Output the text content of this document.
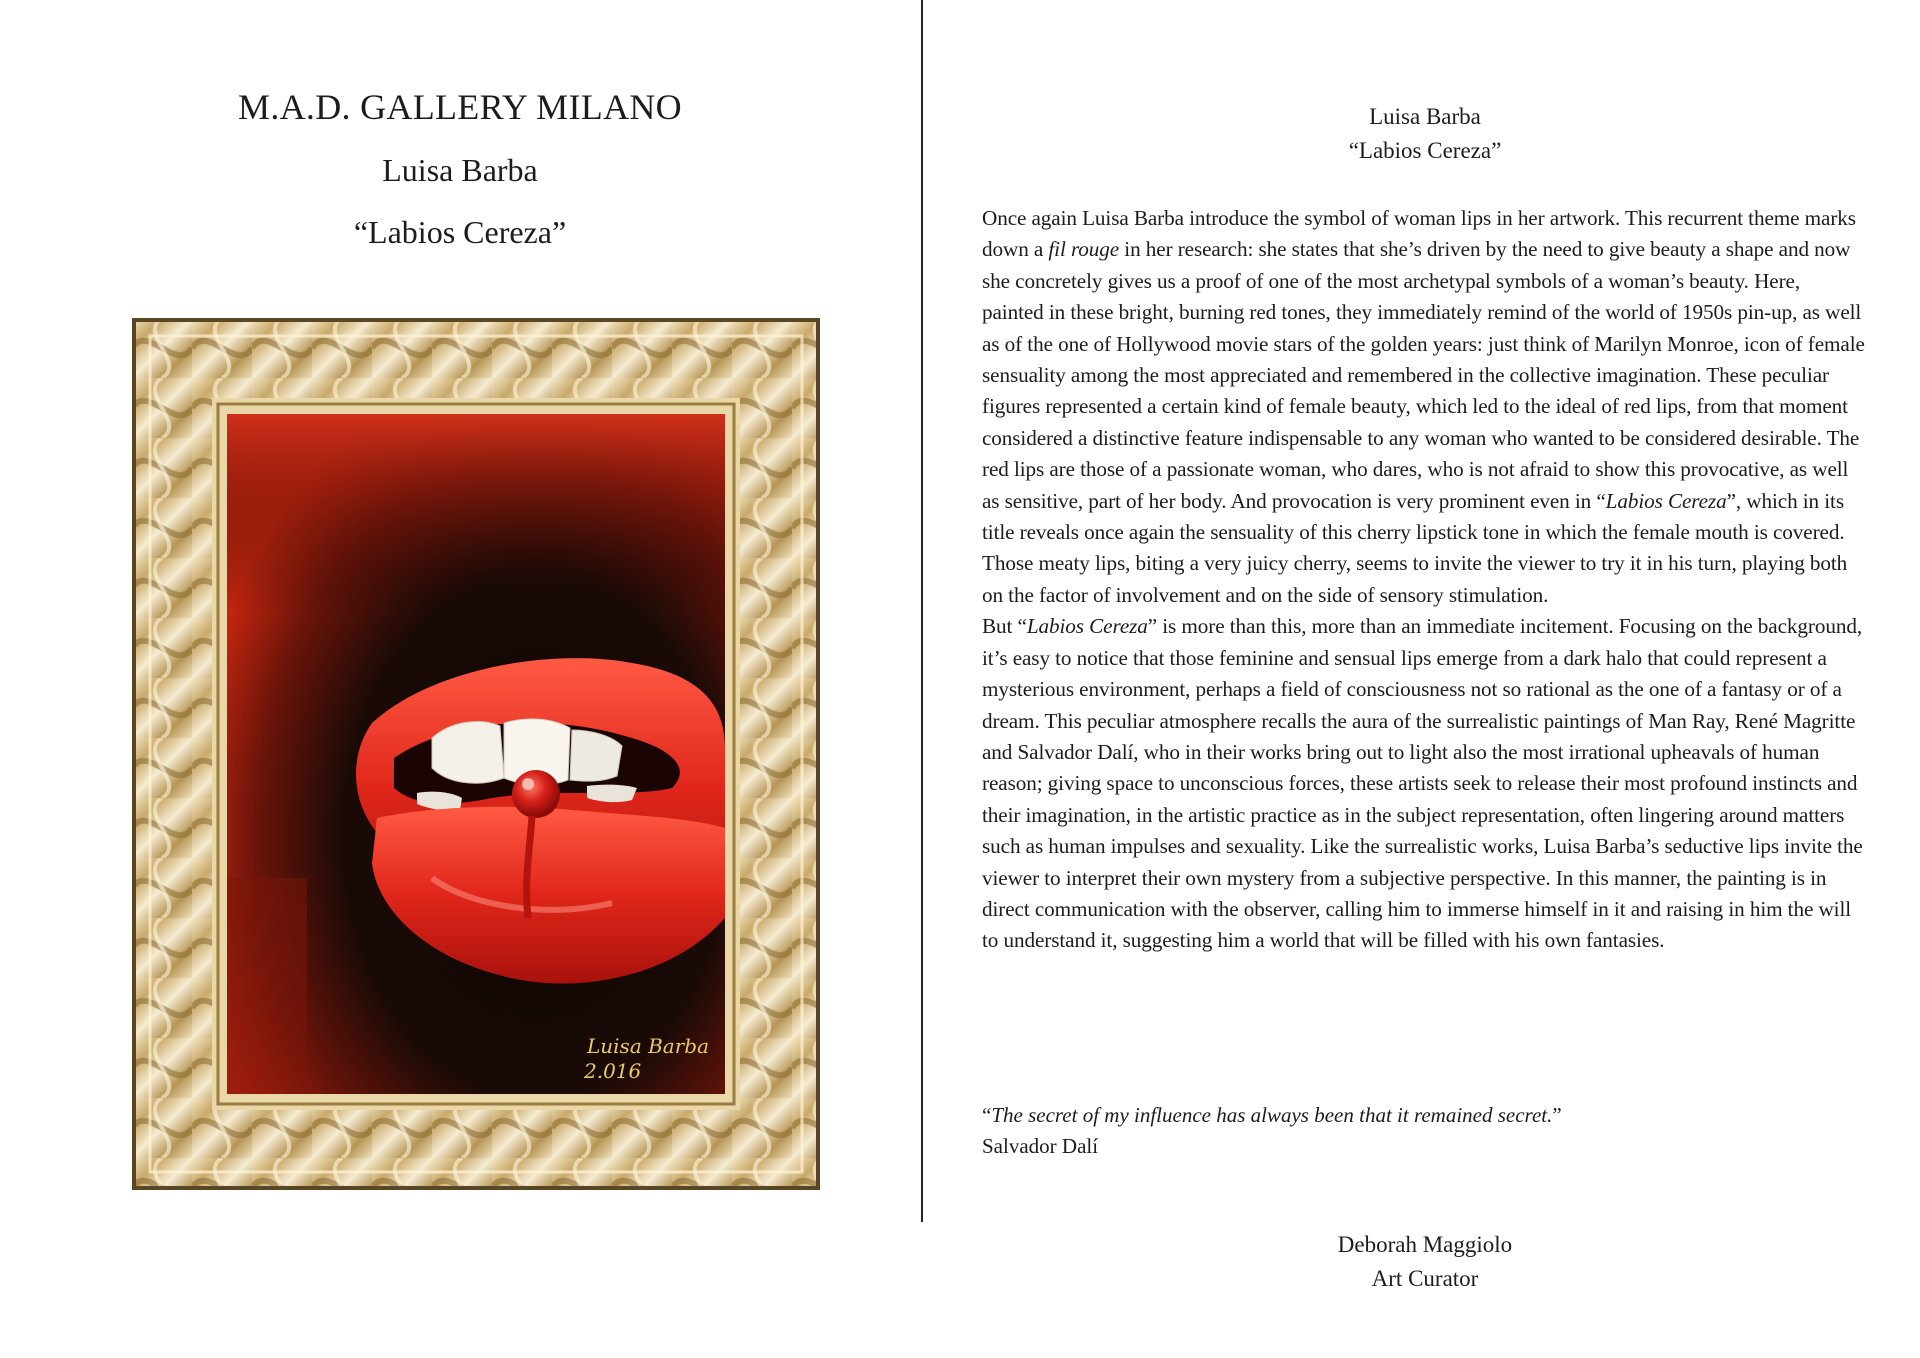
M.A.D. GALLERY MILANO
Luisa Barba
“Labios Cereza”
Luisa Barba
2.016
Luisa Barba
“Labios Cereza”

Once again Luisa Barba introduce the symbol of woman lips in her artwork. This recurrent theme marks down a fil rouge in her research: she states that she’s driven by the need to give beauty a shape and now she concretely gives us a proof of one of the most archetypal symbols of a woman’s beauty. Here, painted in these bright, burning red tones, they immediately remind of the world of 1950s pin-up, as well as of the one of Hollywood movie stars of the golden years: just think of Marilyn Monroe, icon of female sensuality among the most appreciated and remembered in the collective imagination. These peculiar figures represented a certain kind of female beauty, which led to the ideal of red lips, from that moment considered a distinctive feature indispensable to any woman who wanted to be considered desirable. The red lips are those of a passionate woman, who dares, who is not afraid to show this provocative, as well as sensitive, part of her body. And provocation is very prominent even in “Labios Cereza”, which in its title reveals once again the sensuality of this cherry lipstick tone in which the female mouth is covered. Those meaty lips, biting a very juicy cherry, seems to invite the viewer to try it in his turn, playing both on the factor of involvement and on the side of sensory stimulation.

But “Labios Cereza” is more than this, more than an immediate incitement. Focusing on the background, it’s easy to notice that those feminine and sensual lips emerge from a dark halo that could represent a mysterious environment, perhaps a field of consciousness not so rational as the one of a fantasy or of a dream. This peculiar atmosphere recalls the aura of the surrealistic paintings of Man Ray, René Magritte and Salvador Dalí, who in their works bring out to light also the most irrational upheavals of human reason; giving space to unconscious forces, these artists seek to release their most profound instincts and their imagination, in the artistic practice as in the subject representation, often lingering around matters such as human impulses and sexuality. Like the surrealistic works, Luisa Barba’s seductive lips invite the viewer to interpret their own mystery from a subjective perspective. In this manner, the painting is in direct communication with the observer, calling him to immerse himself in it and raising in him the will to understand it, suggesting him a world that will be filled with his own fantasies.

“The secret of my influence has always been that it remained secret.”
Salvador Dalí
Deborah Maggiolo
Art Curator
